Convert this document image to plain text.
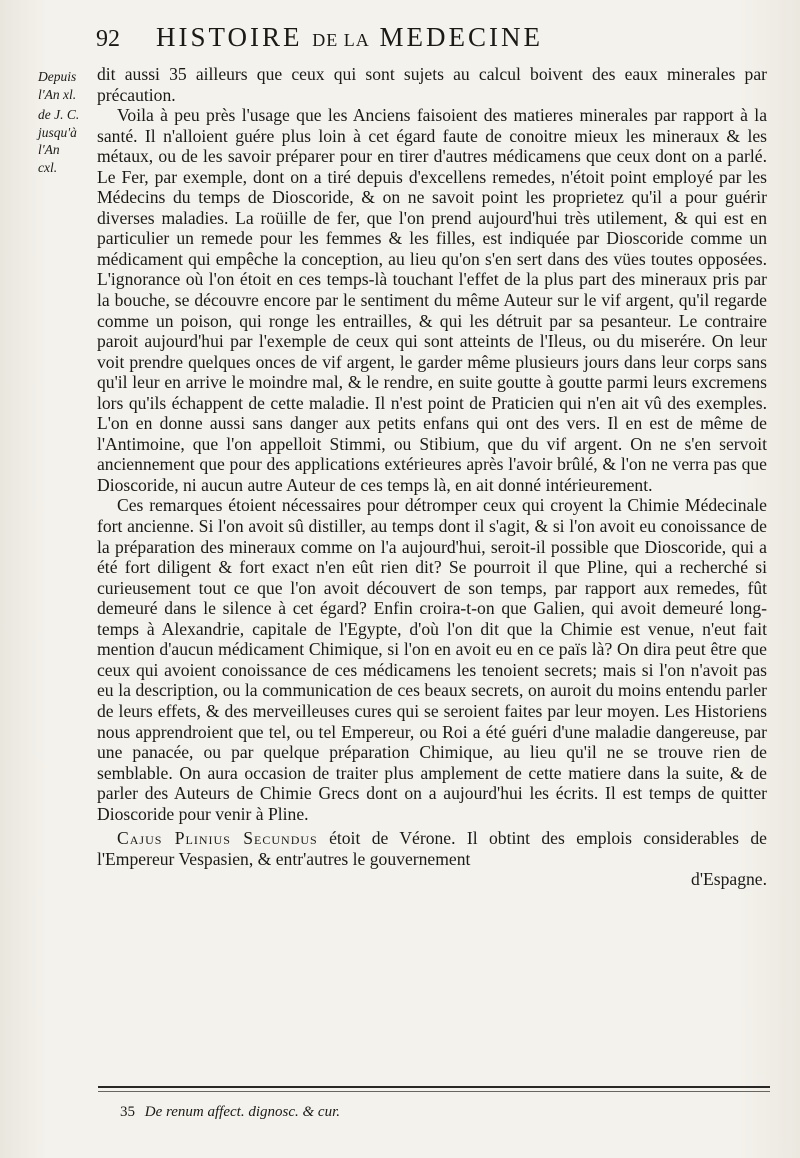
92	HISTOIRE DE LA MEDECINE
Depuis
l'An xl.
de J. C.
jusqu'à
l'An
cxl.

dit aussi 35 ailleurs que ceux qui sont sujets au calcul boivent des eaux minerales par précaution.

Voila à peu près l'usage que les Anciens faisoient des matieres minerales par rapport à la santé. Il n'alloient guére plus loin à cet égard faute de conoitre mieux les mineraux & les métaux, ou de les savoir préparer pour en tirer d'autres médicamens que ceux dont on a parlé. Le Fer, par exemple, dont on a tiré depuis d'excellens remedes, n'étoit point employé par les Médecins du temps de Dioscoride, & on ne savoit point les proprietez qu'il a pour guérir diverses maladies. La roüille de fer, que l'on prend aujourd'hui très utilement, & qui est en particulier un remede pour les femmes & les filles, est indiquée par Dioscoride comme un médicament qui empêche la conception, au lieu qu'on s'en sert dans des vües toutes opposées. L'ignorance où l'on étoit en ces temps-là touchant l'effet de la plus part des mineraux pris par la bouche, se découvre encore par le sentiment du même Auteur sur le vif argent, qu'il regarde comme un poison, qui ronge les entrailles, & qui les détruit par sa pesanteur. Le contraire paroit aujourd'hui par l'exemple de ceux qui sont atteints de l'Ileus, ou du miserére. On leur voit prendre quelques onces de vif argent, le garder même plusieurs jours dans leur corps sans qu'il leur en arrive le moindre mal, & le rendre, en suite goutte à goutte parmi leurs excremens lors qu'ils échappent de cette maladie. Il n'est point de Praticien qui n'en ait vû des exemples. L'on en donne aussi sans danger aux petits enfans qui ont des vers. Il en est de même de l'Antimoine, que l'on appelloit Stimmi, ou Stibium, que du vif argent. On ne s'en servoit anciennement que pour des applications extérieures après l'avoir brûlé, & l'on ne verra pas que Dioscoride, ni aucun autre Auteur de ces temps là, en ait donné intérieurement.

Ces remarques étoient nécessaires pour détromper ceux qui croyent la Chimie Médecinale fort ancienne. Si l'on avoit sû distiller, au temps dont il s'agit, & si l'on avoit eu conoissance de la préparation des mineraux comme on l'a aujourd'hui, seroit-il possible que Dioscoride, qui a été fort diligent & fort exact n'en eût rien dit? Se pourroit il que Pline, qui a recherché si curieusement tout ce que l'on avoit découvert de son temps, par rapport aux remedes, fût demeuré dans le silence à cet égard? Enfin croira-t-on que Galien, qui avoit demeuré long-temps à Alexandrie, capitale de l'Egypte, d'où l'on dit que la Chimie est venue, n'eut fait mention d'aucun médicament Chimique, si l'on en avoit eu en ce païs là? On dira peut être que ceux qui avoient conoissance de ces médicamens les tenoient secrets; mais si l'on n'avoit pas eu la description, ou la communication de ces beaux secrets, on auroit du moins entendu parler de leurs effets, & des merveilleuses cures qui se seroient faites par leur moyen. Les Historiens nous apprendroient que tel, ou tel Empereur, ou Roi a été guéri d'une maladie dangereuse, par une panacée, ou par quelque préparation Chimique, au lieu qu'il ne se trouve rien de semblable. On aura occasion de traiter plus amplement de cette matiere dans la suite, & de parler des Auteurs de Chimie Grecs dont on a aujourd'hui les écrits. Il est temps de quitter Dioscoride pour venir à Pline.

Cajus Plinius Secundus étoit de Vérone. Il obtint des emplois considerables de l'Empereur Vespasien, & entr'autres le gouvernement

d'Espagne.

35 De renum affect. dignosc. & cur.
